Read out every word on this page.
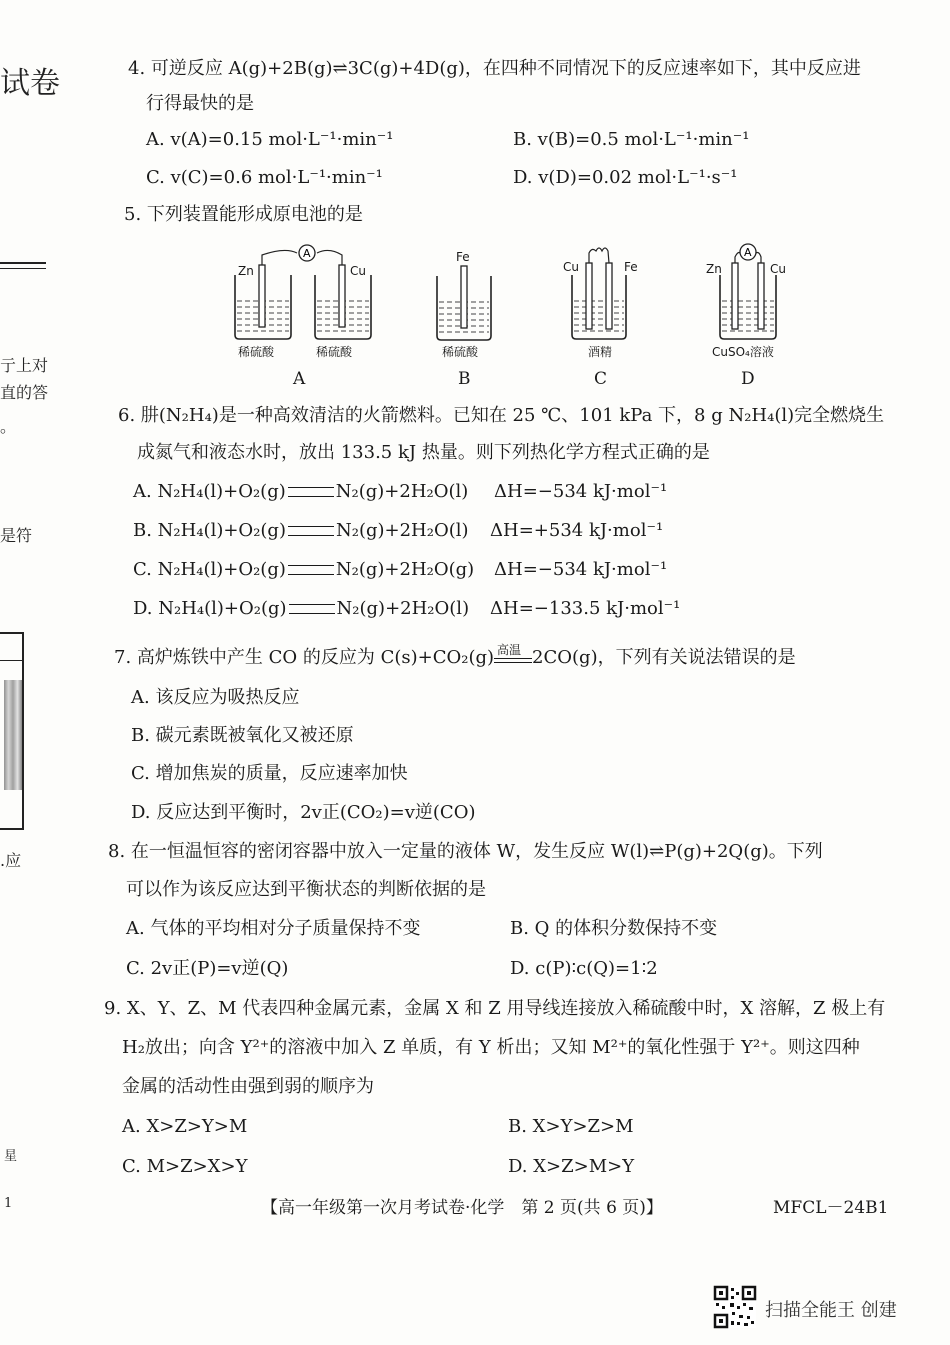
试卷
亍上对
直的答
。
是符
.应
星
1
4. 可逆反应 A(g)+2B(g)⇌3C(g)+4D(g)，在四种不同情况下的反应速率如下，其中反应进
行得最快的是
A. v(A)=0.15 mol·L⁻¹·min⁻¹	B. v(B)=0.5 mol·L⁻¹·min⁻¹
C. v(C)=0.6 mol·L⁻¹·min⁻¹	D. v(D)=0.02 mol·L⁻¹·s⁻¹
5. 下列装置能形成原电池的是
A
Zn	Cu
稀硫酸	稀硫酸
A
Fe
稀硫酸
B
Cu	Fe
酒精
C
A
Zn	Cu
CuSO₄溶液
D
6. 肼(N₂H₄)是一种高效清洁的火箭燃料。已知在 25 ℃、101 kPa 下，8 g N₂H₄(l)完全燃烧生
成氮气和液态水时，放出 133.5 kJ 热量。则下列热化学方程式正确的是
A. N₂H₄(l)+O₂(g)	N₂(g)+2H₂O(l) ΔH=−534 kJ·mol⁻¹
B. N₂H₄(l)+O₂(g)	N₂(g)+2H₂O(l) ΔH=+534 kJ·mol⁻¹
C. N₂H₄(l)+O₂(g)	N₂(g)+2H₂O(g) ΔH=−534 kJ·mol⁻¹
D. N₂H₄(l)+O₂(g)	N₂(g)+2H₂O(l) ΔH=−133.5 kJ·mol⁻¹
7. 高炉炼铁中产生 CO 的反应为 C(s)+CO₂(g) 高温 2CO(g)，下列有关说法错误的是
A. 该反应为吸热反应
B. 碳元素既被氧化又被还原
C. 增加焦炭的质量，反应速率加快
D. 反应达到平衡时，2v正(CO₂)=v逆(CO)
8. 在一恒温恒容的密闭容器中放入一定量的液体 W，发生反应 W(l)⇌P(g)+2Q(g)。下列
可以作为该反应达到平衡状态的判断依据的是
A. 气体的平均相对分子质量保持不变	B. Q 的体积分数保持不变
C. 2v正(P)=v逆(Q)	D. c(P)∶c(Q)=1∶2
9. X、Y、Z、M 代表四种金属元素，金属 X 和 Z 用导线连接放入稀硫酸中时，X 溶解，Z 极上有
H₂放出；向含 Y²⁺的溶液中加入 Z 单质，有 Y 析出；又知 M²⁺的氧化性强于 Y²⁺。则这四种
金属的活动性由强到弱的顺序为
A. X>Z>Y>M	B. X>Y>Z>M
C. M>Z>X>Y	D. X>Z>M>Y
【高一年级第一次月考试卷·化学　第 2 页(共 6 页)】	MFCL－24B1
扫描全能王 创建
